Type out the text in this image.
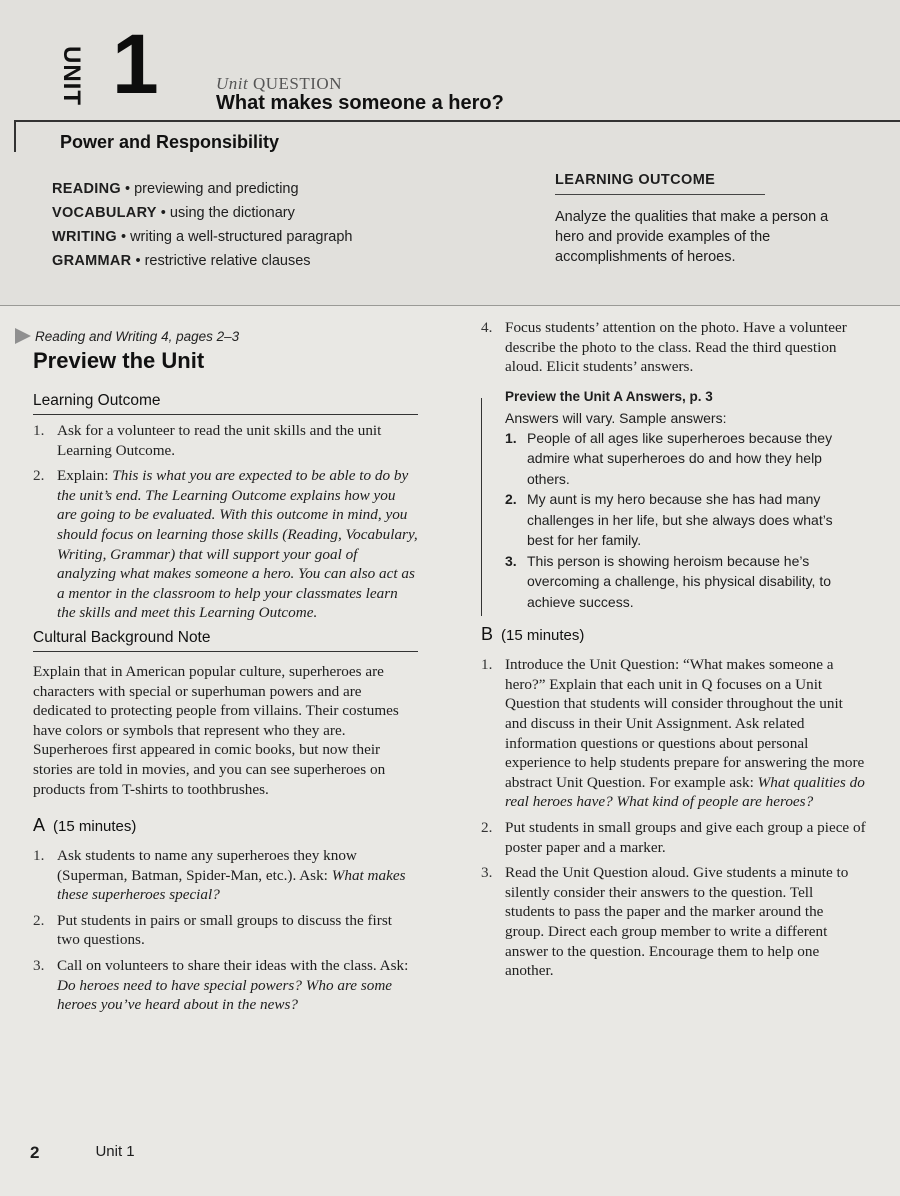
UNIT 1	Unit QUESTION
What makes someone a hero?
Power and Responsibility
READING • previewing and predicting
VOCABULARY • using the dictionary
WRITING • writing a well-structured paragraph
GRAMMAR • restrictive relative clauses
LEARNING OUTCOME
Analyze the qualities that make a person a hero and provide examples of the accomplishments of heroes.
Reading and Writing 4, pages 2–3
Preview the Unit
Learning Outcome
1. Ask for a volunteer to read the unit skills and the unit Learning Outcome.
2. Explain: This is what you are expected to be able to do by the unit’s end. The Learning Outcome explains how you are going to be evaluated. With this outcome in mind, you should focus on learning those skills (Reading, Vocabulary, Writing, Grammar) that will support your goal of analyzing what makes someone a hero. You can also act as a mentor in the classroom to help your classmates learn the skills and meet this Learning Outcome.
Cultural Background Note

Explain that in American popular culture, superheroes are characters with special or superhuman powers and are dedicated to protecting people from villains. Their costumes have colors or symbols that represent who they are. Superheroes first appeared in comic books, but now their stories are told in movies, and you can see superheroes on products from T-shirts to toothbrushes.

A (15 minutes)
1. Ask students to name any superheroes they know (Superman, Batman, Spider-Man, etc.). Ask: What makes these superheroes special?
2. Put students in pairs or small groups to discuss the first two questions.
3. Call on volunteers to share their ideas with the class. Ask: Do heroes need to have special powers? Who are some heroes you’ve heard about in the news?
4. Focus students’ attention on the photo. Have a volunteer describe the photo to the class. Read the third question aloud. Elicit students’ answers.
Preview the Unit A Answers, p. 3
Answers will vary. Sample answers:
1. People of all ages like superheroes because they admire what superheroes do and how they help others.
2. My aunt is my hero because she has had many challenges in her life, but she always does what’s best for her family.
3. This person is showing heroism because he’s overcoming a challenge, his physical disability, to achieve success.
B (15 minutes)
1. Introduce the Unit Question: “What makes someone a hero?” Explain that each unit in Q focuses on a Unit Question that students will consider throughout the unit and discuss in their Unit Assignment. Ask related information questions or questions about personal experience to help students prepare for answering the more abstract Unit Question. For example ask: What qualities do real heroes have? What kind of people are heroes?
2. Put students in small groups and give each group a piece of poster paper and a marker.
3. Read the Unit Question aloud. Give students a minute to silently consider their answers to the question. Tell students to pass the paper and the marker around the group. Direct each group member to write a different answer to the question. Encourage them to help one another.
2	Unit 1
